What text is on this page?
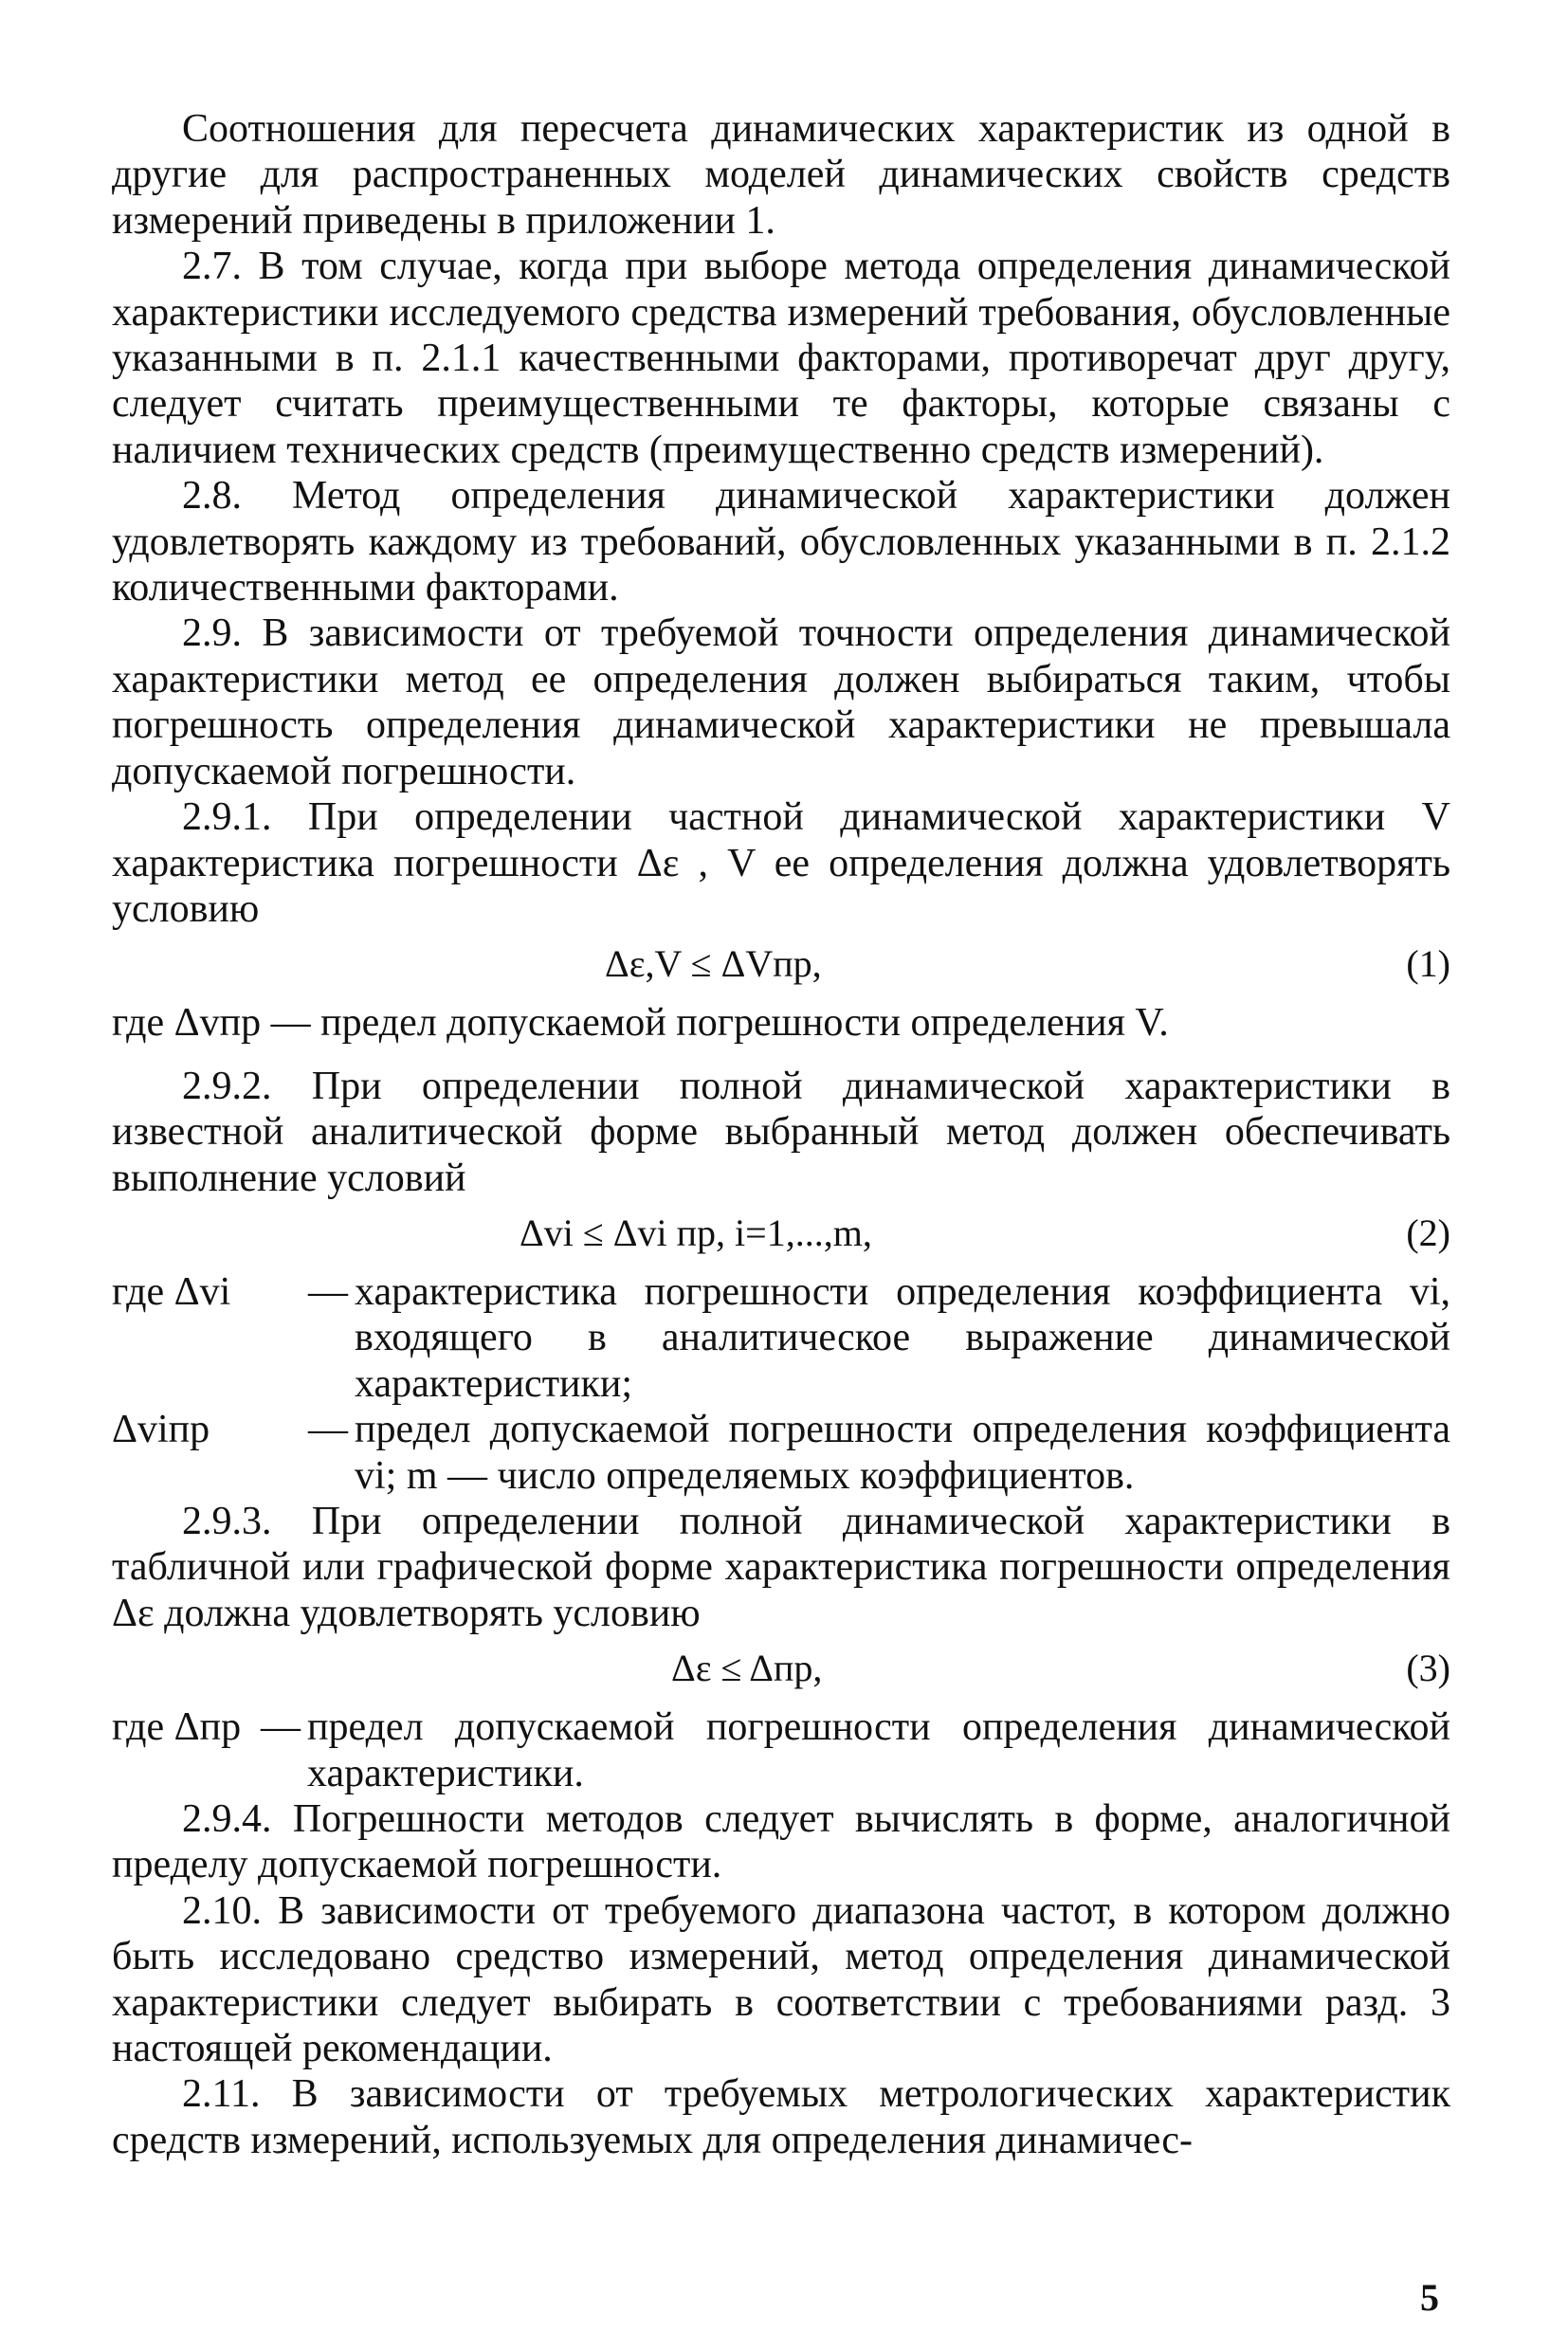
Соотношения для пересчета динамических характеристик из одной в другие для распространенных моделей динамических свойств средств измерений приведены в приложении 1.

2.7. В том случае, когда при выборе метода определения динамической характеристики исследуемого средства измерений требования, обусловленные указанными в п. 2.1.1 качественными факторами, противоречат друг другу, следует считать преимущественными те факторы, которые связаны с наличием технических средств (преимущественно средств измерений).

2.8. Метод определения динамической характеристики должен удовлетворять каждому из требований, обусловленных указанными в п. 2.1.2 количественными факторами.

2.9. В зависимости от требуемой точности определения динамической характеристики метод ее определения должен выбираться таким, чтобы погрешность определения динамической характеристики не превышала допускаемой погрешности.

2.9.1. При определении частной динамической характеристики V характеристика погрешности Δε , V ее определения должна удовлетворять условию

Δε,V ≤ ΔVпр,	(1)

где Δvпр — предел допускаемой погрешности определения V.

2.9.2. При определении полной динамической характеристики в известной аналитической форме выбранный метод должен обеспечивать выполнение условий

Δvi ≤ Δvi пр, i=1,...,m,	(2)
где Δvi	— характеристика погрешности определения коэффициента vi, входящего в аналитическое выражение динамической характеристики;
Δviпр	— предел допускаемой погрешности определения коэффициента vi; m — число определяемых коэффициентов.

2.9.3. При определении полной динамической характеристики в табличной или графической форме характеристика погрешности определения Δε должна удовлетворять условию

Δε ≤ Δпр,	(3)
где Δпр — предел допускаемой погрешности определения динамической характеристики.

2.9.4. Погрешности методов следует вычислять в форме, аналогичной пределу допускаемой погрешности.

2.10. В зависимости от требуемого диапазона частот, в котором должно быть исследовано средство измерений, метод определения динамической характеристики следует выбирать в соответствии с требованиями разд. 3 настоящей рекомендации.

2.11. В зависимости от требуемых метрологических характеристик средств измерений, используемых для определения динамичес-

5
